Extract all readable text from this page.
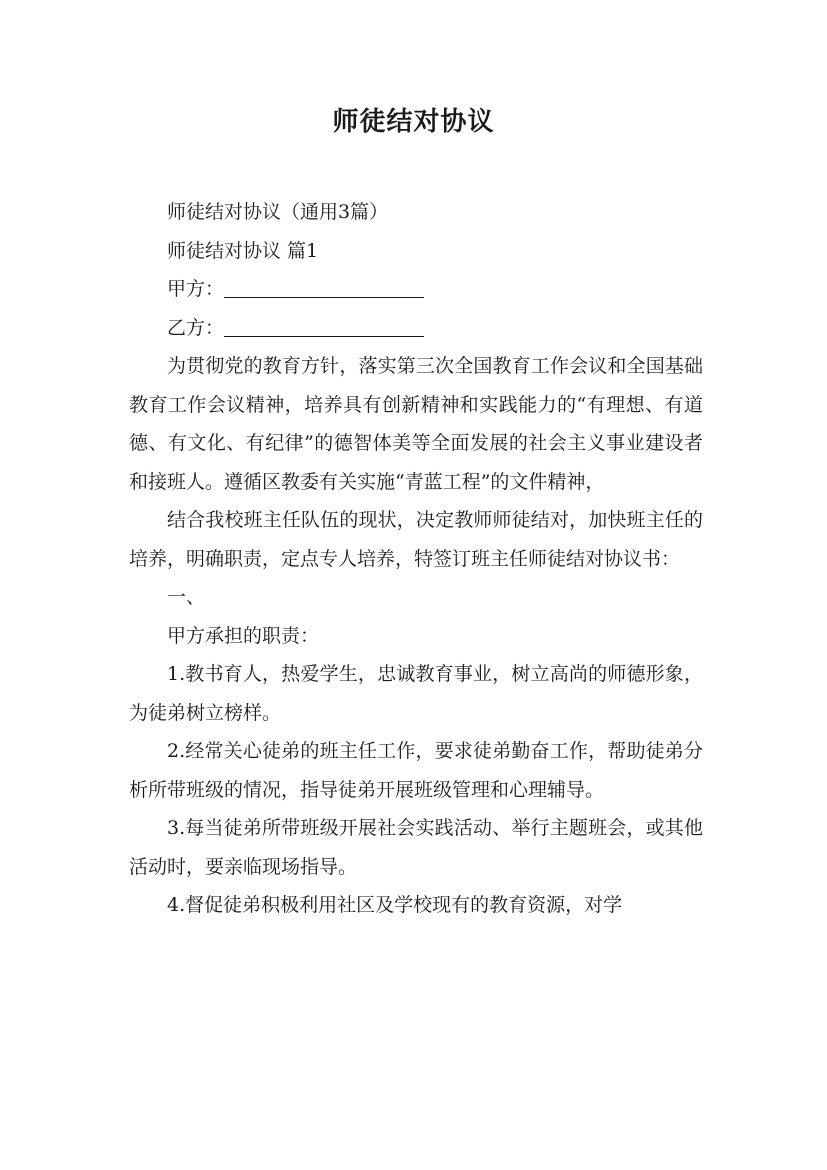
师徒结对协议

师徒结对协议（通用3篇）

师徒结对协议 篇1

甲方：

乙方：

为贯彻党的教育方针，落实第三次全国教育工作会议和全国基础教育工作会议精神，培养具有创新精神和实践能力的“有理想、有道德、有文化、有纪律”的德智体美等全面发展的社会主义事业建设者和接班人。遵循区教委有关实施“青蓝工程”的文件精神，

结合我校班主任队伍的现状，决定教师师徒结对，加快班主任的培养，明确职责，定点专人培养，特签订班主任师徒结对协议书：

一、

甲方承担的职责：

1.教书育人，热爱学生，忠诚教育事业，树立高尚的师德形象，为徒弟树立榜样。

2.经常关心徒弟的班主任工作，要求徒弟勤奋工作，帮助徒弟分析所带班级的情况，指导徒弟开展班级管理和心理辅导。

3.每当徒弟所带班级开展社会实践活动、举行主题班会，或其他活动时，要亲临现场指导。

4.督促徒弟积极利用社区及学校现有的教育资源，对学
